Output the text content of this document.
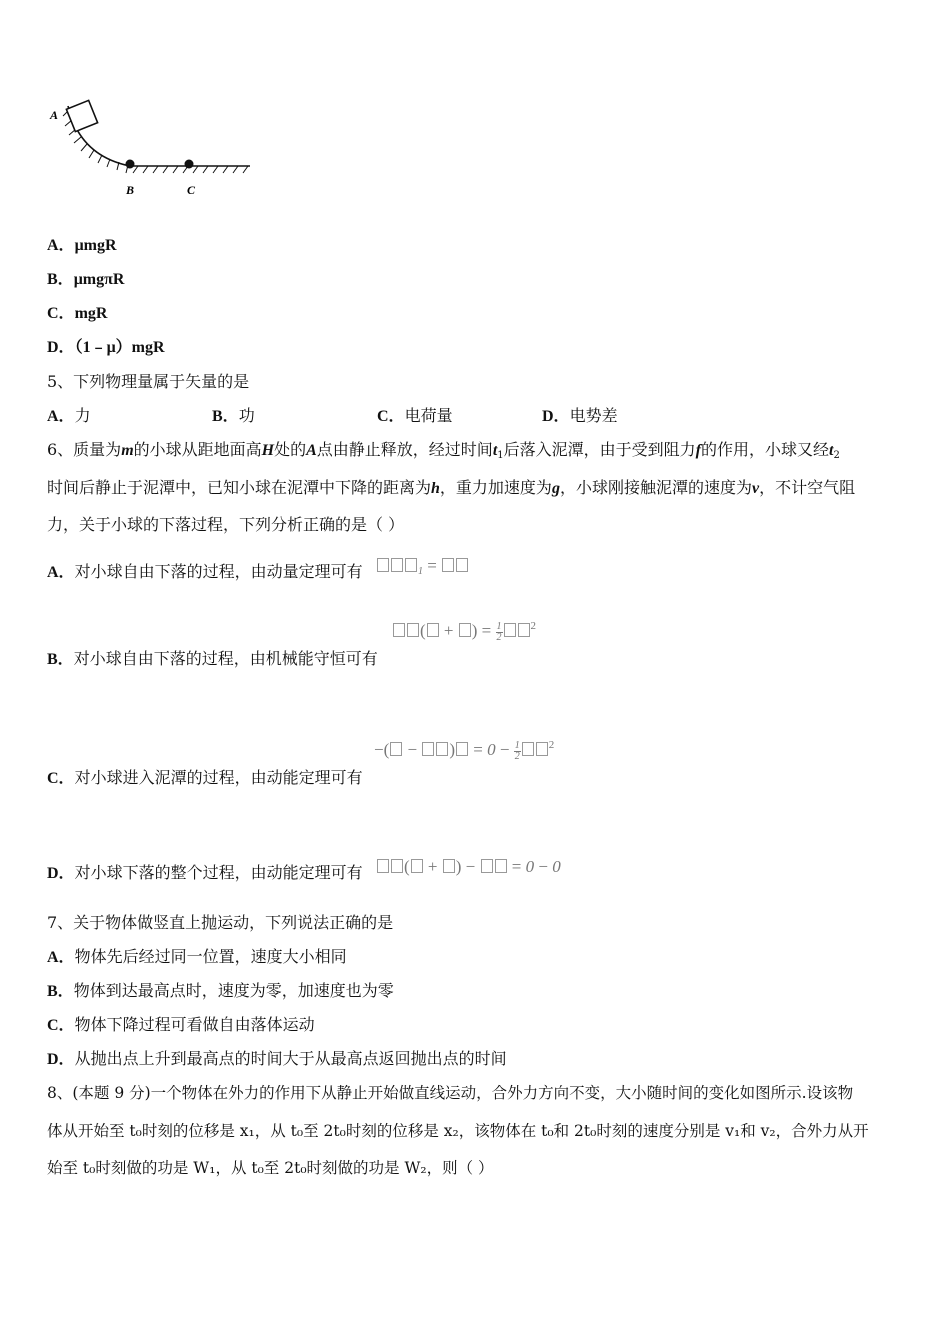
A
B	C
A．μmgR
B．μmgπR
C．mgR
D．（1﹣μ）mgR
5、下列物理量属于矢量的是
A．力	B．功	C．电荷量	D．电势差
6、质量为m的小球从距地面高H处的A点由静止释放，经过时间$t_1$后落入泥潭，由于受到阻力f的作用，小球又经$t_2$
时间后静止于泥潭中，已知小球在泥潭中下降的距离为h，重力加速度为g，小球刚接触泥潭的速度为v，不计空气阻
力，关于小球的下落过程，下列分析正确的是（ ）
A．对小球自由下落的过程，由动量定理可有	$_1$ =
( + ) = $\frac{1}{2}$	$^2$
B．对小球自由下落的过程，由机械能守恒可有
−( − ) = $0 - \frac{1}{2}$	$^2$
C．对小球进入泥潭的过程，由动能定理可有
D．对小球下落的整个过程，由动能定理可有	( + ) −  = 0 − 0
7、关于物体做竖直上抛运动，下列说法正确的是
A．物体先后经过同一位置，速度大小相同
B．物体到达最高点时，速度为零，加速度也为零
C．物体下降过程可看做自由落体运动
D．从抛出点上升到最高点的时间大于从最高点返回抛出点的时间
8、(本题 9 分)一个物体在外力的作用下从静止开始做直线运动，合外力方向不变，大小随时间的变化如图所示.设该物
体从开始至 t₀时刻的位移是 x₁，从 t₀至 2t₀时刻的位移是 x₂，该物体在 t₀和 2t₀时刻的速度分别是 v₁和 v₂，合外力从开
始至 t₀时刻做的功是 W₁，从 t₀至 2t₀时刻做的功是 W₂，则（ ）
